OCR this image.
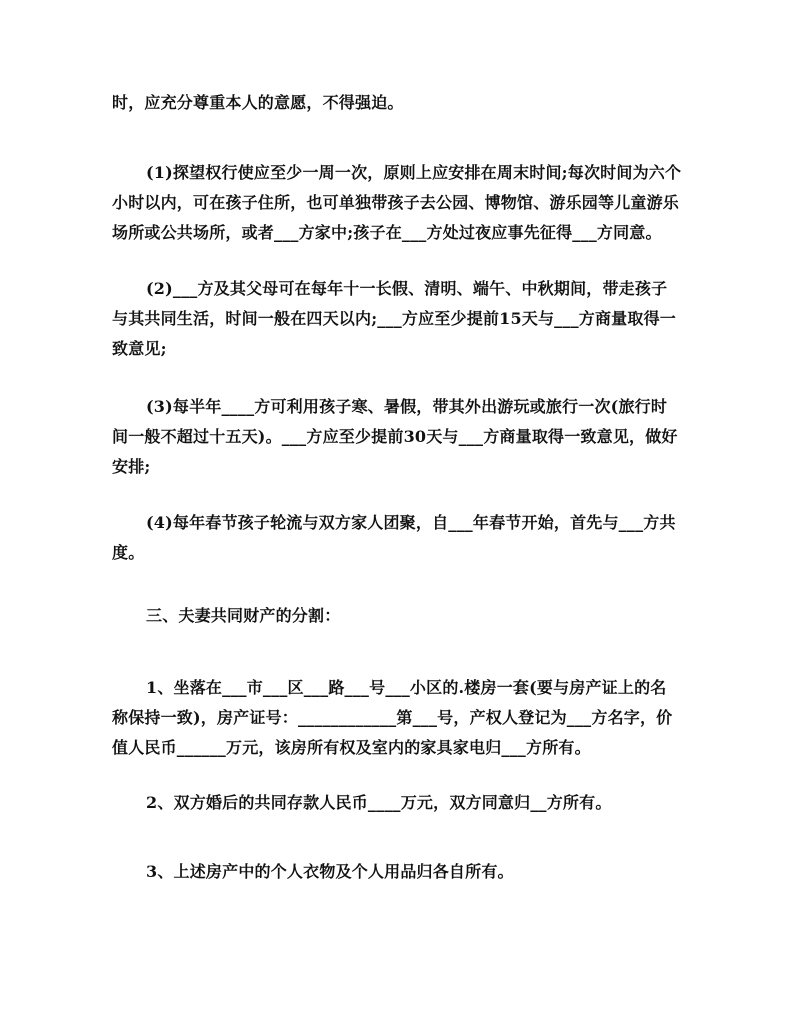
时，应充分尊重本人的意愿，不得强迫。

(1)探望权行使应至少一周一次，原则上应安排在周末时间;每次时间为六个小时以内，可在孩子住所，也可单独带孩子去公园、博物馆、游乐园等儿童游乐场所或公共场所，或者___方家中;孩子在___方处过夜应事先征得___方同意。

(2)___方及其父母可在每年十一长假、清明、端午、中秋期间，带走孩子与其共同生活，时间一般在四天以内;___方应至少提前15天与___方商量取得一致意见;

(3)每半年____方可利用孩子寒、暑假，带其外出游玩或旅行一次(旅行时间一般不超过十五天)。___方应至少提前30天与___方商量取得一致意见，做好安排;

(4)每年春节孩子轮流与双方家人团聚，自___年春节开始，首先与___方共度。

三、夫妻共同财产的分割：

1、坐落在___市___区___路___号___小区的.楼房一套(要与房产证上的名称保持一致)，房产证号：____________第___号，产权人登记为___方名字，价值人民币______万元，该房所有权及室内的家具家电归___方所有。

2、双方婚后的共同存款人民币____万元，双方同意归__方所有。

3、上述房产中的个人衣物及个人用品归各自所有。
